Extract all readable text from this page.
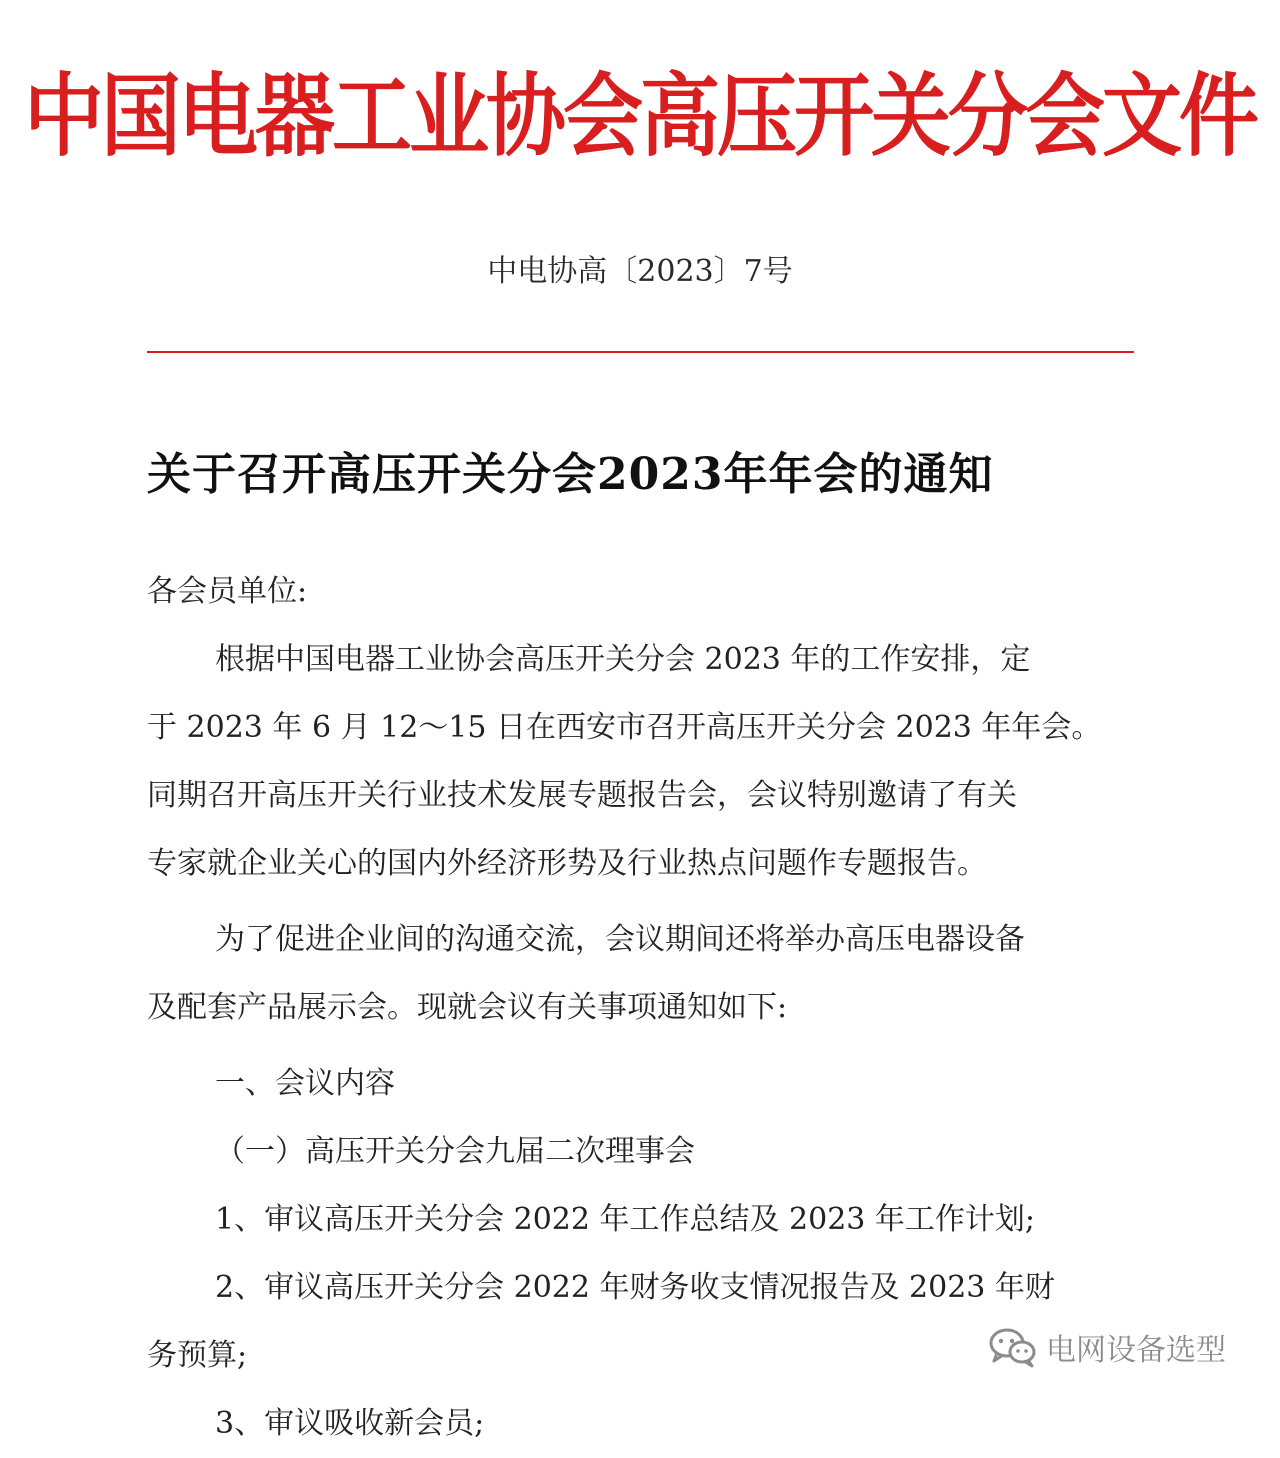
中国电器工业协会高压开关分会文件
中电协高〔2023〕7号
关于召开高压开关分会2023年年会的通知

各会员单位:

根据中国电器工业协会高压开关分会 2023 年的工作安排，定

于 2023 年 6 月 12～15 日在西安市召开高压开关分会 2023 年年会。

同期召开高压开关行业技术发展专题报告会，会议特别邀请了有关

专家就企业关心的国内外经济形势及行业热点问题作专题报告。

为了促进企业间的沟通交流，会议期间还将举办高压电器设备

及配套产品展示会。现就会议有关事项通知如下:

一、会议内容

（一）高压开关分会九届二次理事会

1、审议高压开关分会 2022 年工作总结及 2023 年工作计划;

2、审议高压开关分会 2022 年财务收支情况报告及 2023 年财

务预算;

3、审议吸收新会员;

电网设备选型
